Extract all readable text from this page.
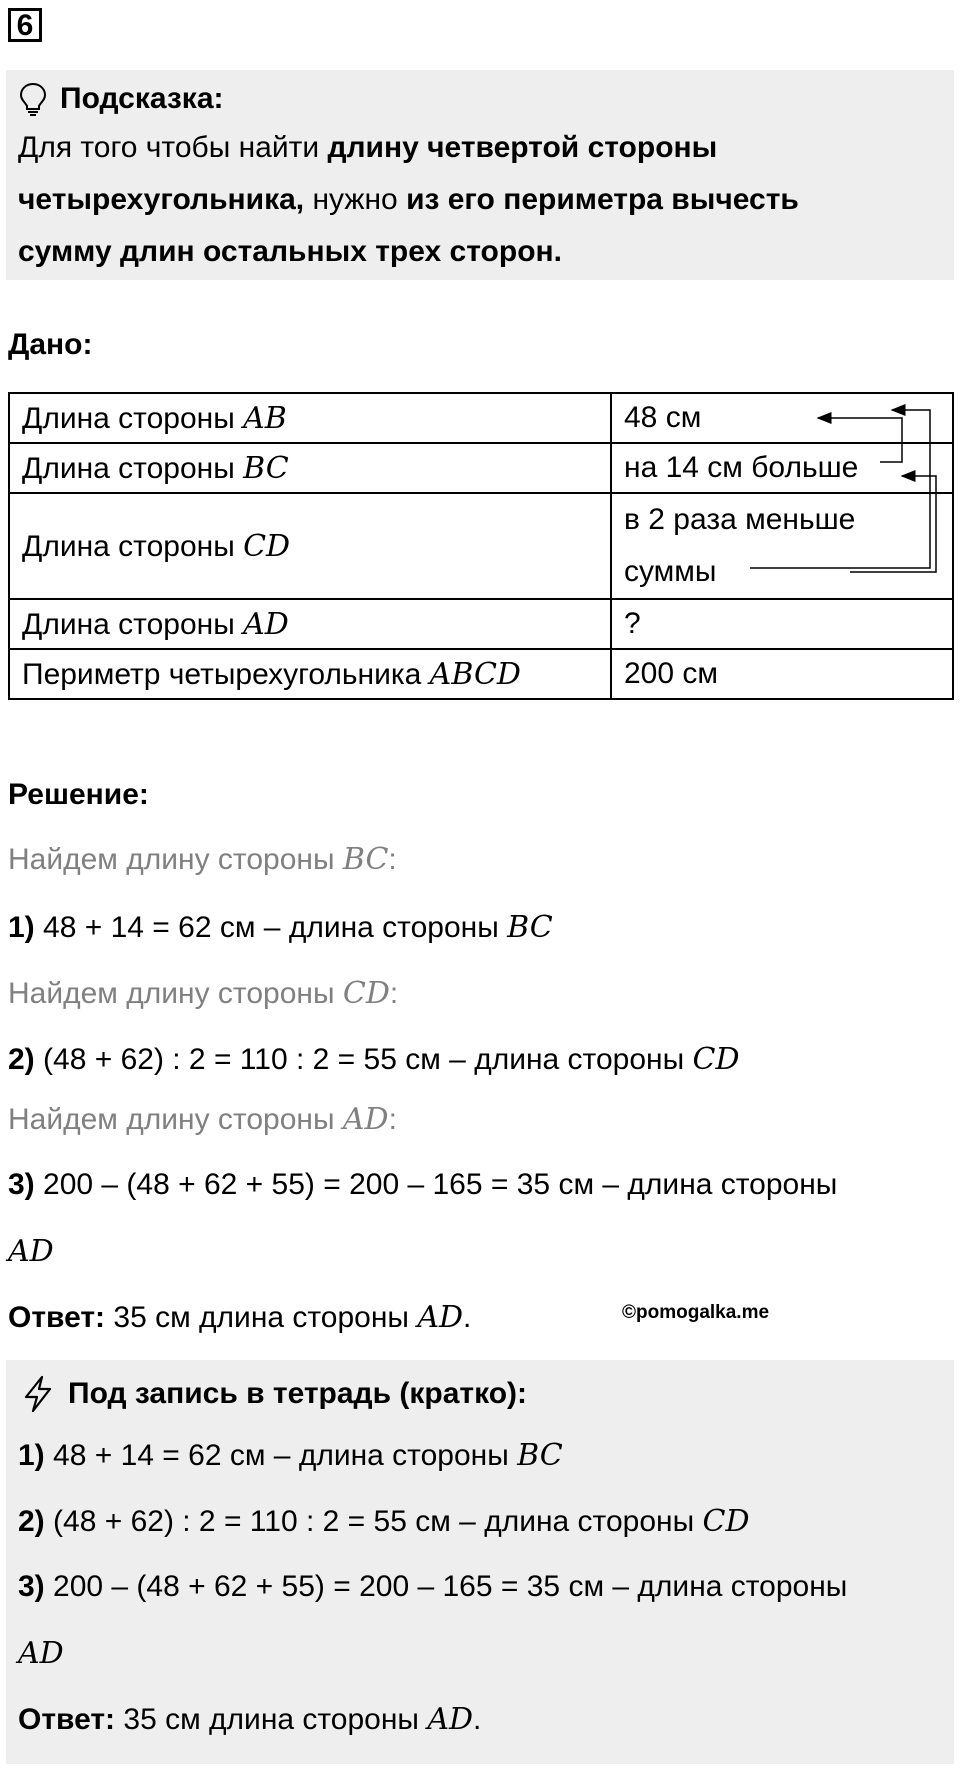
6
Подсказка:
Для того чтобы найти длину четвертой стороны
четырехугольника, нужно из его периметра вычесть
сумму длин остальных трех сторон.
Дано:
Длина стороны AB	48 см
Длина стороны BC	на 14 см больше
Длина стороны CD	в 2 раза меньше
суммы
Длина стороны AD	?
Периметр четырехугольника ABCD	200 см
Решение:
Найдем длину стороны BC:
1) 48 + 14 = 62 см – длина стороны BC
Найдем длину стороны CD:
2) (48 + 62) : 2 = 110 : 2 = 55 см – длина стороны CD
Найдем длину стороны AD:
3) 200 – (48 + 62 + 55) = 200 – 165 = 35 см – длина стороны
AD
Ответ: 35 см длина стороны AD.	©pomogalka.me
Под запись в тетрадь (кратко):
1) 48 + 14 = 62 см – длина стороны BC
2) (48 + 62) : 2 = 110 : 2 = 55 см – длина стороны CD
3) 200 – (48 + 62 + 55) = 200 – 165 = 35 см – длина стороны
AD
Ответ: 35 см длина стороны AD.
